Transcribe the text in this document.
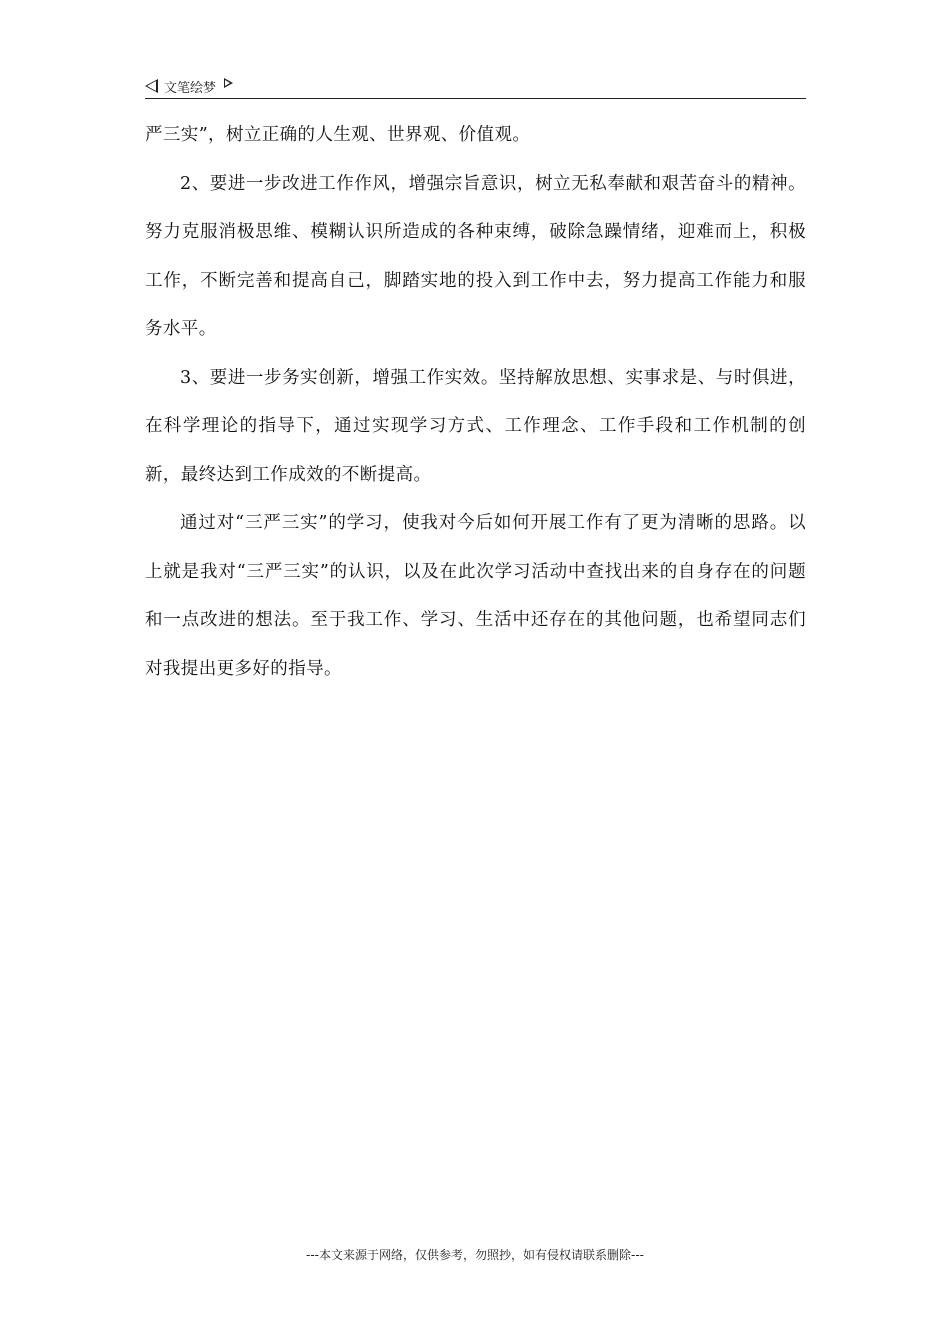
文笔绘梦

严三实”，树立正确的人生观、世界观、价值观。

2、要进一步改进工作作风，增强宗旨意识，树立无私奉献和艰苦奋斗的精神。努力克服消极思维、模糊认识所造成的各种束缚，破除急躁情绪，迎难而上，积极工作，不断完善和提高自己，脚踏实地的投入到工作中去，努力提高工作能力和服务水平。

3、要进一步务实创新，增强工作实效。坚持解放思想、实事求是、与时俱进，在科学理论的指导下，通过实现学习方式、工作理念、工作手段和工作机制的创新，最终达到工作成效的不断提高。

通过对“三严三实”的学习，使我对今后如何开展工作有了更为清晰的思路。以上就是我对“三严三实”的认识，以及在此次学习活动中查找出来的自身存在的问题和一点改进的想法。至于我工作、学习、生活中还存在的其他问题，也希望同志们对我提出更多好的指导。

---本文来源于网络，仅供参考，勿照抄，如有侵权请联系删除---
